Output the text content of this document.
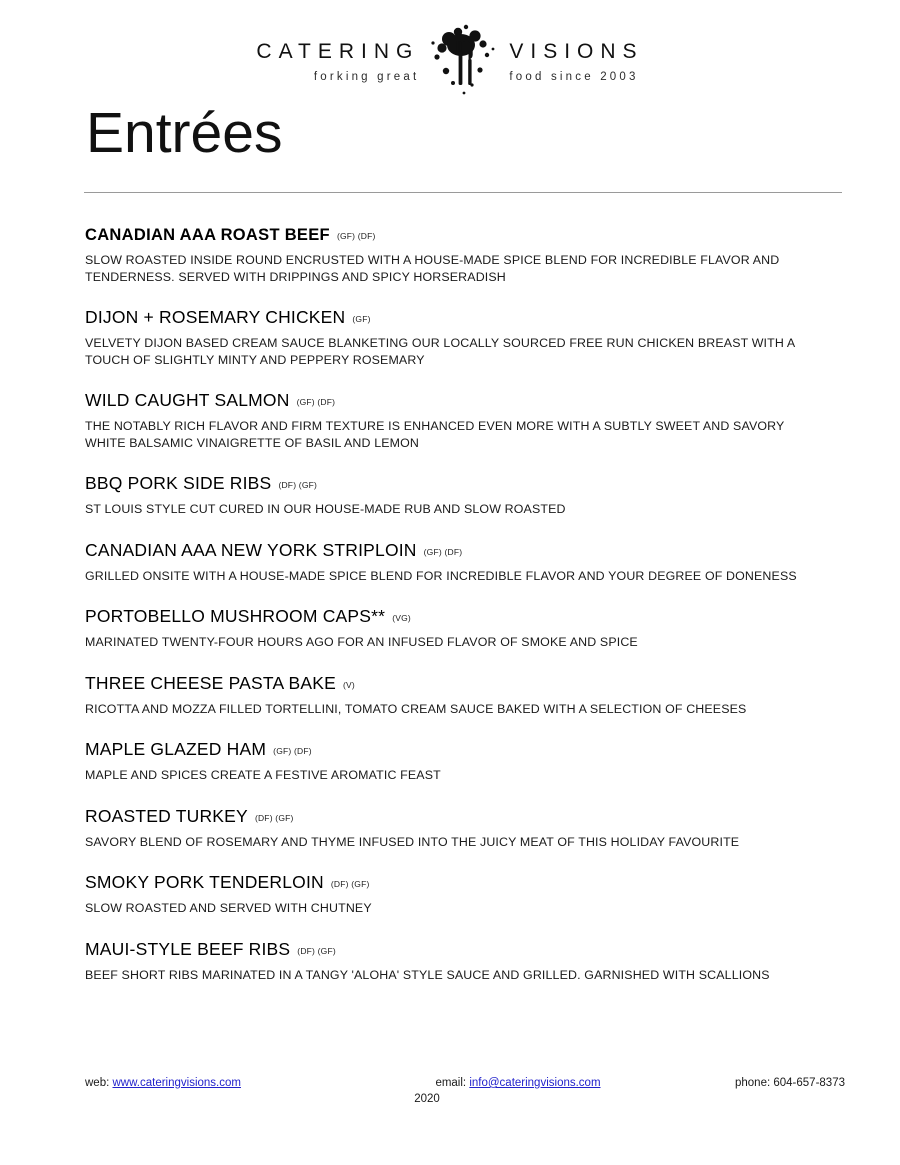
CATERING
forking great
VISIONS
food since 2003
Entrées
CANADIAN AAA ROAST BEEF (GF) (DF)
SLOW ROASTED INSIDE ROUND ENCRUSTED WITH A HOUSE-MADE SPICE BLEND FOR INCREDIBLE FLAVOR AND TENDERNESS. SERVED WITH DRIPPINGS AND SPICY HORSERADISH
DIJON + ROSEMARY CHICKEN (GF)
VELVETY DIJON BASED CREAM SAUCE BLANKETING OUR LOCALLY SOURCED FREE RUN CHICKEN BREAST WITH A TOUCH OF SLIGHTLY MINTY AND PEPPERY ROSEMARY
WILD CAUGHT SALMON (GF) (DF)
THE NOTABLY RICH FLAVOR AND FIRM TEXTURE IS ENHANCED EVEN MORE WITH A SUBTLY SWEET AND SAVORY WHITE BALSAMIC VINAIGRETTE OF BASIL AND LEMON
BBQ PORK SIDE RIBS (DF) (GF)
ST LOUIS STYLE CUT CURED IN OUR HOUSE-MADE RUB AND SLOW ROASTED
CANADIAN AAA NEW YORK STRIPLOIN (GF) (DF)
GRILLED ONSITE WITH A HOUSE-MADE SPICE BLEND FOR INCREDIBLE FLAVOR AND YOUR DEGREE OF DONENESS
PORTOBELLO MUSHROOM CAPS** (VG)
MARINATED TWENTY-FOUR HOURS AGO FOR AN INFUSED FLAVOR OF SMOKE AND SPICE
THREE CHEESE PASTA BAKE (V)
RICOTTA AND MOZZA FILLED TORTELLINI, TOMATO CREAM SAUCE BAKED WITH A SELECTION OF CHEESES
MAPLE GLAZED HAM (GF) (DF)
MAPLE AND SPICES CREATE A FESTIVE AROMATIC FEAST
ROASTED TURKEY (DF) (GF)
SAVORY BLEND OF ROSEMARY AND THYME INFUSED INTO THE JUICY MEAT OF THIS HOLIDAY FAVOURITE
SMOKY PORK TENDERLOIN (DF) (GF)
SLOW ROASTED AND SERVED WITH CHUTNEY
MAUI-STYLE BEEF RIBS (DF) (GF)
BEEF SHORT RIBS MARINATED IN A TANGY 'ALOHA' STYLE SAUCE AND GRILLED. GARNISHED WITH SCALLIONS
web: www.cateringvisions.com	email: info@cateringvisions.com	phone: 604-657-8373
2020
